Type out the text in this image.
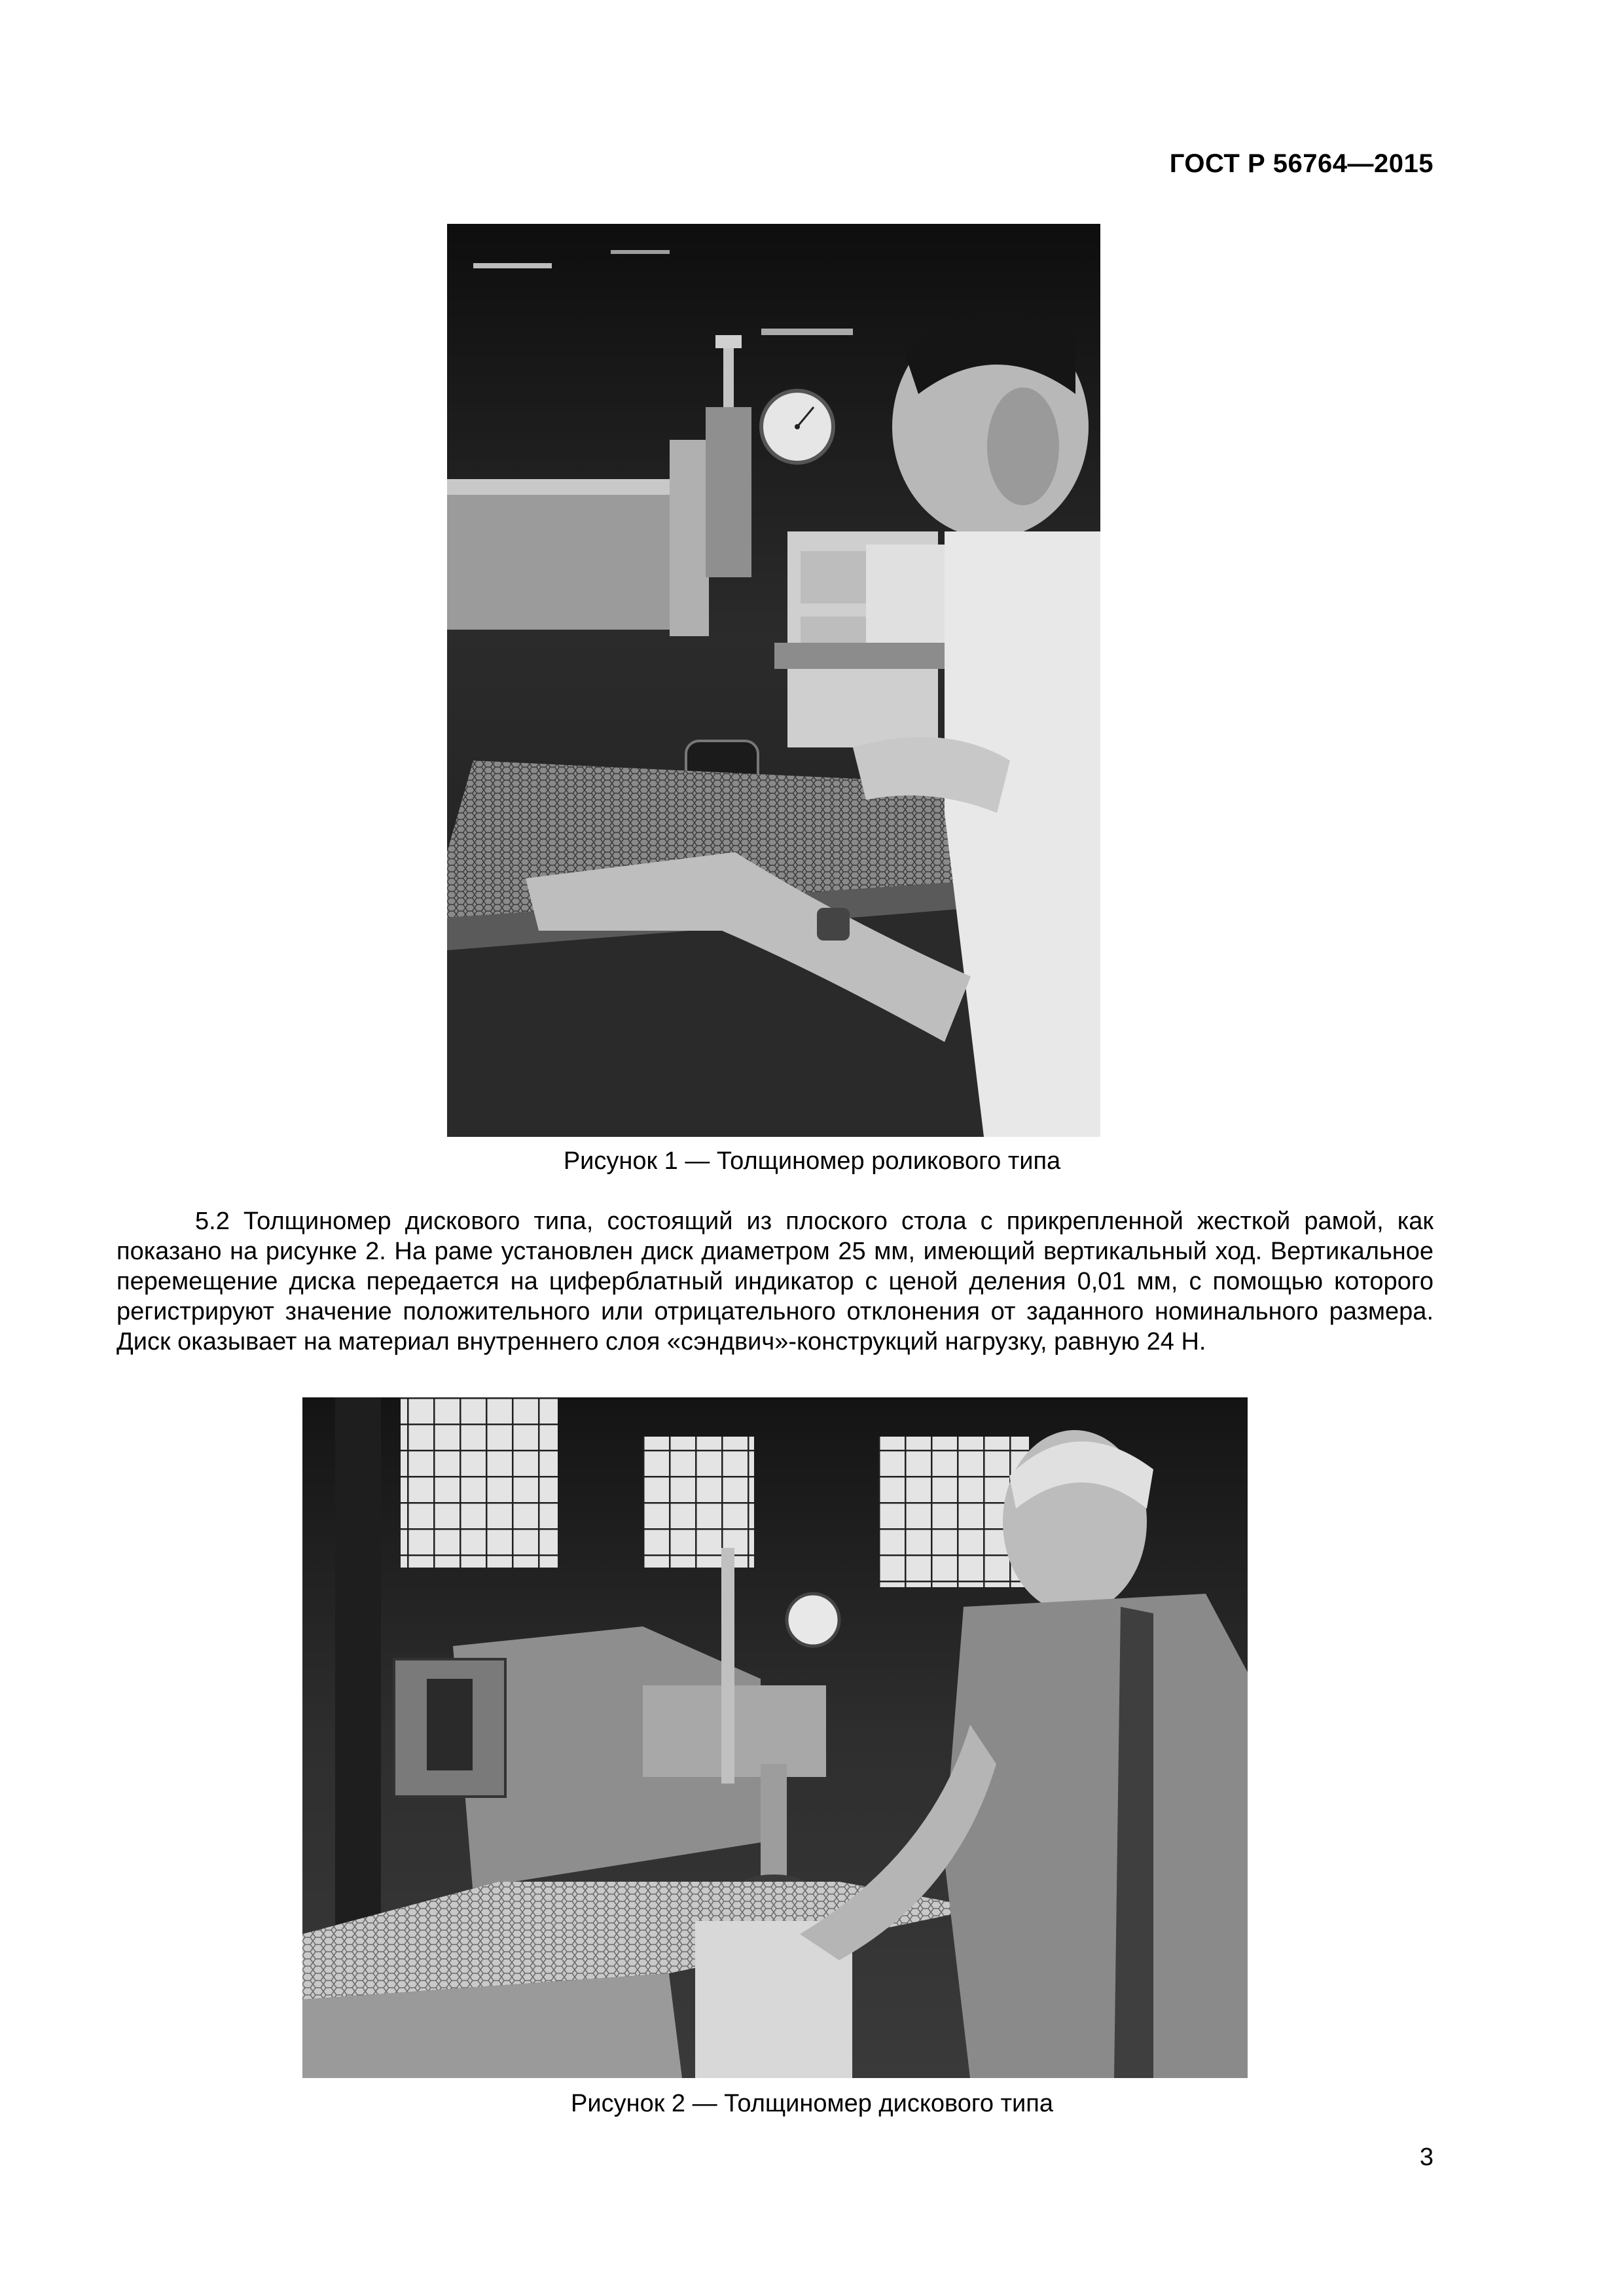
ГОСТ Р 56764—2015
Рисунок 1 — Толщиномер роликового типа

5.2 Толщиномер дискового типа, состоящий из плоского стола с прикрепленной жесткой рамой, как показано на рисунке 2. На раме установлен диск диаметром 25 мм, имеющий вертикальный ход. Вертикальное перемещение диска передается на циферблатный индикатор с ценой деления 0,01 мм, с помощью которого регистрируют значение положительного или отрицательного отклонения от заданного номинального размера. Диск оказывает на материал внутреннего слоя «сэндвич»-конструкций нагрузку, равную 24 Н.

Рисунок 2 — Толщиномер дискового типа
3
